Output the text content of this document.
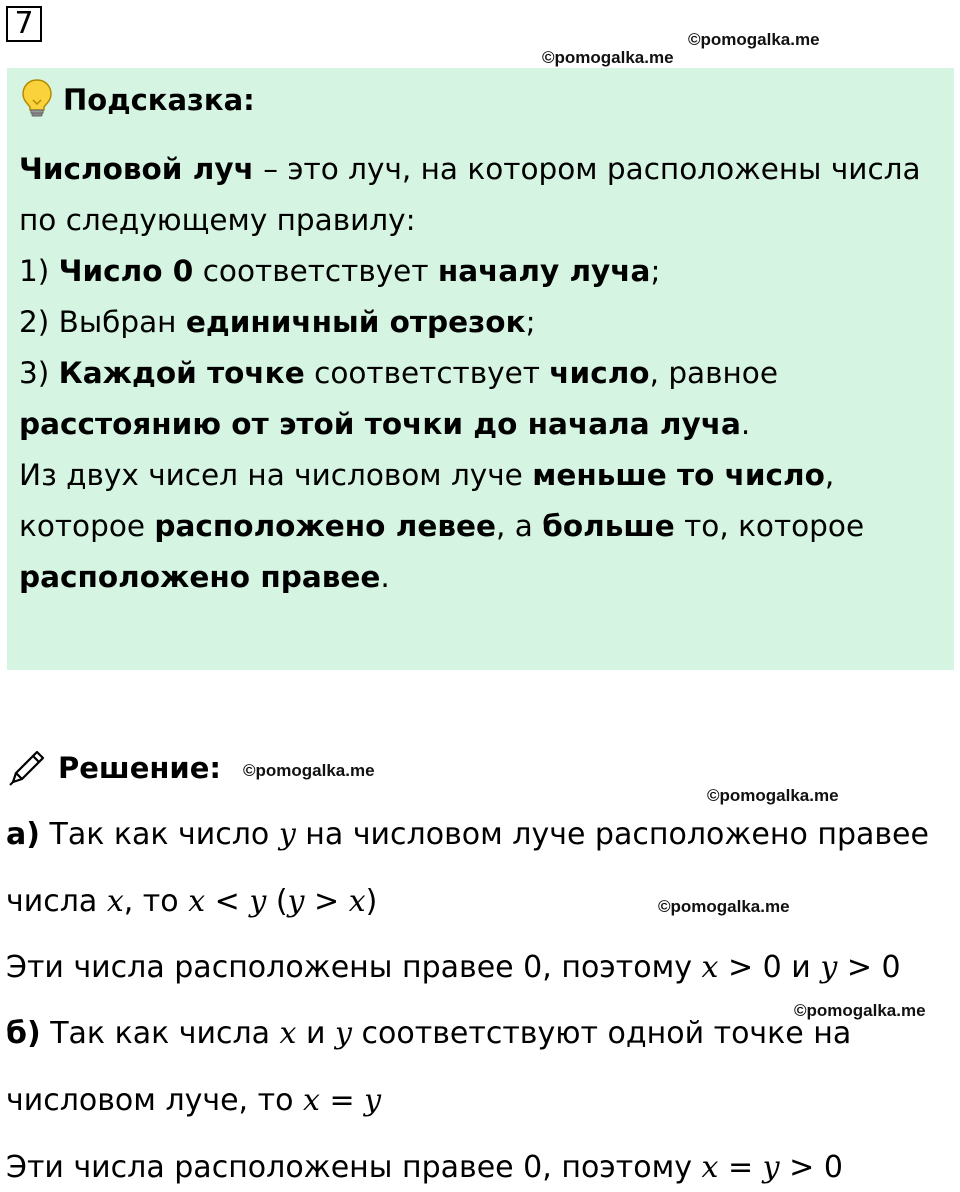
7	©pomogalka.me
©pomogalka.me
Подсказка:

Числовой луч – это луч, на котором расположены числа по следующему правилу:

1) Число 0 соответствует началу луча;

2) Выбран единичный отрезок;

3) Каждой точке соответствует число, равное расстоянию от этой точки до начала луча.

Из двух чисел на числовом луче меньше то число, которое расположено левее, а больше то, которое расположено правее.

Решение: ©pomogalka.me
©pomogalka.me
а) Так как число y на числовом луче расположено правее
числа x, то x < y (y > x)	©pomogalka.me
Эти числа расположены правее 0, поэтому x > 0 и y > 0
©pomogalka.me
б) Так как числа x и y соответствуют одной точке на
числовом луче, то x = y
Эти числа расположены правее 0, поэтому x = y > 0
